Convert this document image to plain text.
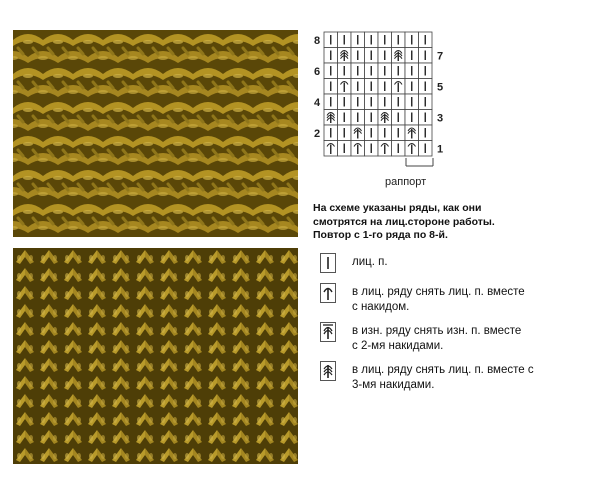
8
6
4
2
7
5
3
1
раппорт
На схеме указаны ряды, как они
смотрятся на лиц.стороне работы.
Повтор с 1-го ряда по 8-й.
лиц. п.
в лиц. ряду снять лиц. п. вместе
с накидом.
в изн. ряду снять изн. п. вместе
с 2-мя накидами.
в лиц. ряду снять лиц. п. вместе с
3-мя накидами.
